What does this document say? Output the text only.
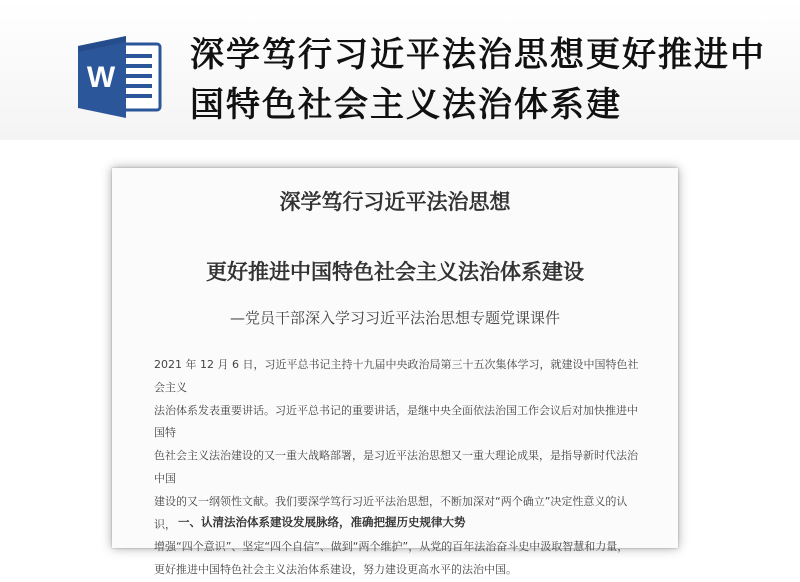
W
深学笃行习近平法治思想更好推进中国特色社会主义法治体系建
深学笃行习近平法治思想
更好推进中国特色社会主义法治体系建设

—党员干部深入学习习近平法治思想专题党课课件

2021 年 12 月 6 日，习近平总书记主持十九届中央政治局第三十五次集体学习，就建设中国特色社会主义
法治体系发表重要讲话。习近平总书记的重要讲话，是继中央全面依法治国工作会议后对加快推进中国特
色社会主义法治建设的又一重大战略部署，是习近平法治思想又一重大理论成果，是指导新时代法治中国
建设的又一纲领性文献。我们要深学笃行习近平法治思想，不断加深对“两个确立”决定性意义的认识，
增强“四个意识”、坚定“四个自信”、做到“两个维护”，从党的百年法治奋斗史中汲取智慧和力量，
更好推进中国特色社会主义法治体系建设，努力建设更高水平的法治中国。

一、认清法治体系建设发展脉络，准确把握历史规律大势
